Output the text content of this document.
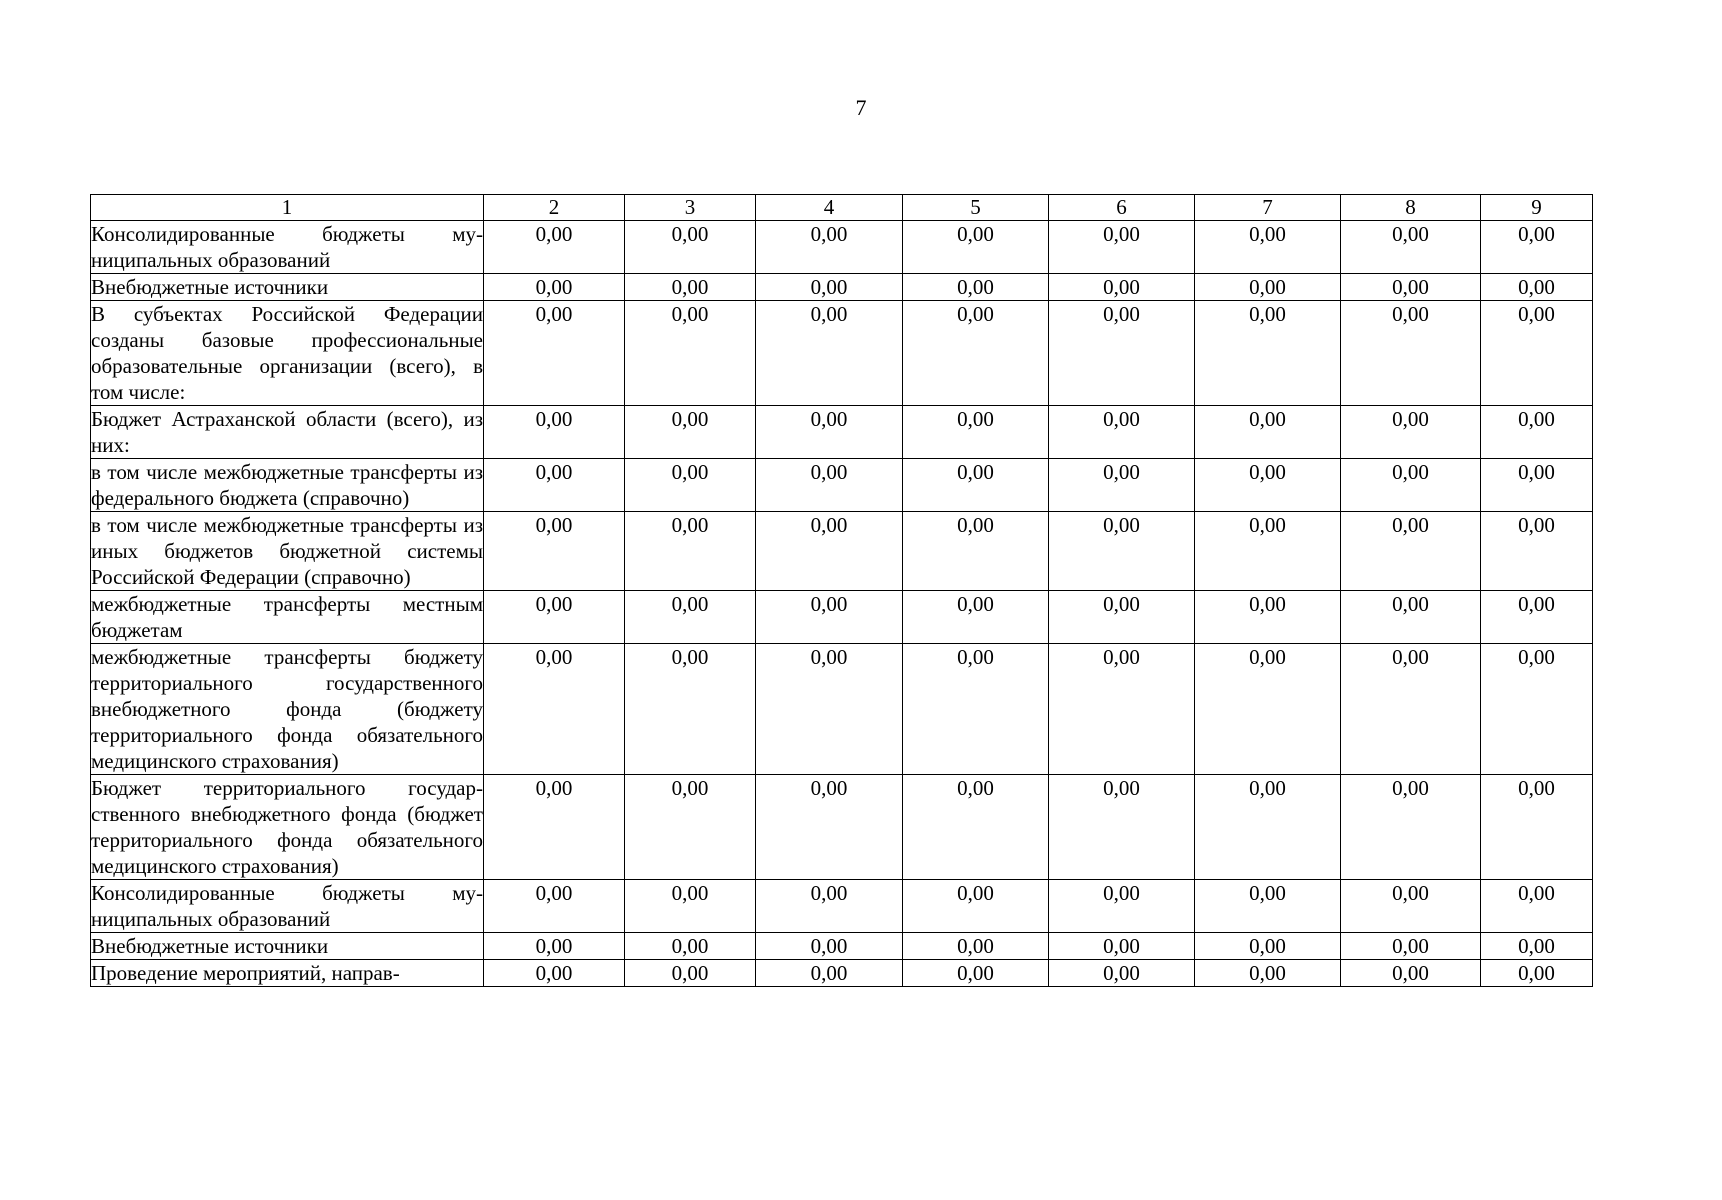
7
1	2	3	4	5	6	7	8	9
Консолидированные бюджеты муниципальных образований	0,00	0,00	0,00	0,00	0,00	0,00	0,00	0,00
Внебюджетные источники	0,00	0,00	0,00	0,00	0,00	0,00	0,00	0,00
В субъектах Российской Федерации созданы базовые профессиональные образовательные организации (всего), в том числе:	0,00	0,00	0,00	0,00	0,00	0,00	0,00	0,00
Бюджет Астраханской области (всего), из них:	0,00	0,00	0,00	0,00	0,00	0,00	0,00	0,00
в том числе межбюджетные трансферты из федерального бюджета (справочно)	0,00	0,00	0,00	0,00	0,00	0,00	0,00	0,00
в том числе межбюджетные трансферты из иных бюджетов бюджетной системы Российской Федерации (справочно)	0,00	0,00	0,00	0,00	0,00	0,00	0,00	0,00
межбюджетные трансферты местным бюджетам	0,00	0,00	0,00	0,00	0,00	0,00	0,00	0,00
межбюджетные трансферты бюджету территориального государственного внебюджетного фонда (бюджету территориального фонда обязательного медицинского страхования)	0,00	0,00	0,00	0,00	0,00	0,00	0,00	0,00
Бюджет территориального государственного внебюджетного фонда (бюджет территориального фонда обязательного медицинского страхования)	0,00	0,00	0,00	0,00	0,00	0,00	0,00	0,00
Консолидированные бюджеты муниципальных образований	0,00	0,00	0,00	0,00	0,00	0,00	0,00	0,00
Внебюджетные источники	0,00	0,00	0,00	0,00	0,00	0,00	0,00	0,00
Проведение мероприятий, направ-	0,00	0,00	0,00	0,00	0,00	0,00	0,00	0,00
